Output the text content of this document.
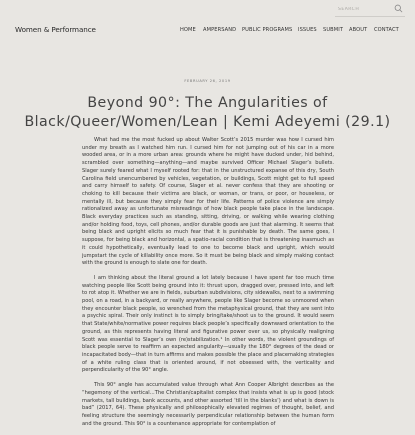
SEARCH
Women & Performance	HOME AMPERSAND PUBLIC PROGRAMS ISSUES SUBMIT ABOUT CONTACT
FEBRUARY 26, 2019
Beyond 90°: The Angularities of Black/Queer/Women/Lean | Kemi Adeyemi (29.1)

What had me the most fucked up about Walter Scott’s 2015 murder was how I cursed him under my breath as I watched him run. I cursed him for not jumping out of his car in a more wooded area, or in a more urban area: grounds where he might have ducked under, hid behind, scrambled over something—anything—and maybe survived Officer Michael Slager’s bullets. Slager surely feared what I myself rooted for: that in the unstructured expanse of this dry, South Carolina field unencumbered by vehicles, vegetation, or buildings, Scott might get to full speed and carry himself to safety. Of course, Slager et al. never confess that they are shooting or choking to kill because their victims are black, or woman, or trans, or poor, or houseless, or mentally ill, but because they simply fear for their life. Patterns of police violence are simply rationalized away as unfortunate misreadings of how black people take place in the landscape. Black everyday practices such as standing, sitting, driving, or walking while wearing clothing and/or holding food, toys, cell phones, and/or durable goods are just that alarming. It seems that being black and upright elicits so much fear that it is punishable by death. The same goes, I suppose, for being black and horizontal, a spatio-racial condition that is threatening inasmuch as it could hypothetically, eventually lead to one to become black and upright, which would jumpstart the cycle of killability once more. So it must be being black and simply making contact with the ground is enough to slate one for death.

I am thinking about the literal ground a lot lately because I have spent far too much time watching people like Scott being ground into it: thrust upon, dragged over, pressed into, and left to rot atop it. Whether we are in fields, suburban subdivisions, city sidewalks, next to a swimming pool, on a road, in a backyard, or really anywhere, people like Slager become so unmoored when they encounter black people, so wrenched from the metaphysical ground, that they are sent into a psychic spiral. Their only instinct is to simply bring/take/shoot us to the ground. It would seem that State/white/normative power requires black people’s specifically downward orientation to the ground, as this represents having literal and figurative power over us, so physically realigning Scott was essential to Slager’s own (re)stabilization.¹ In other words, the violent groundings of black people serve to reaffirm an expected angularity—usually the 180° degrees of the dead or incapacitated body—that in turn affirms and makes possible the place and placemaking strategies of a white ruling class that is oriented around, if not obsessed with, the verticality and perpendicularity of the 90° angle.

This 90° angle has accumulated value through what Ann Cooper Albright describes as the “hegemony of the vertical…The Christian/capitalist complex that insists what is up is good (stock markets, tall buildings, bank accounts, and other assorted ‘till in the blanks’) and what is down is bad” (2017, 64). These physically and philosophically elevated regimes of thought, belief, and feeling structure the seemingly necessarily perpendicular relationship between the human form and the ground. This 90° is a countenance appropriate for contemplation of
